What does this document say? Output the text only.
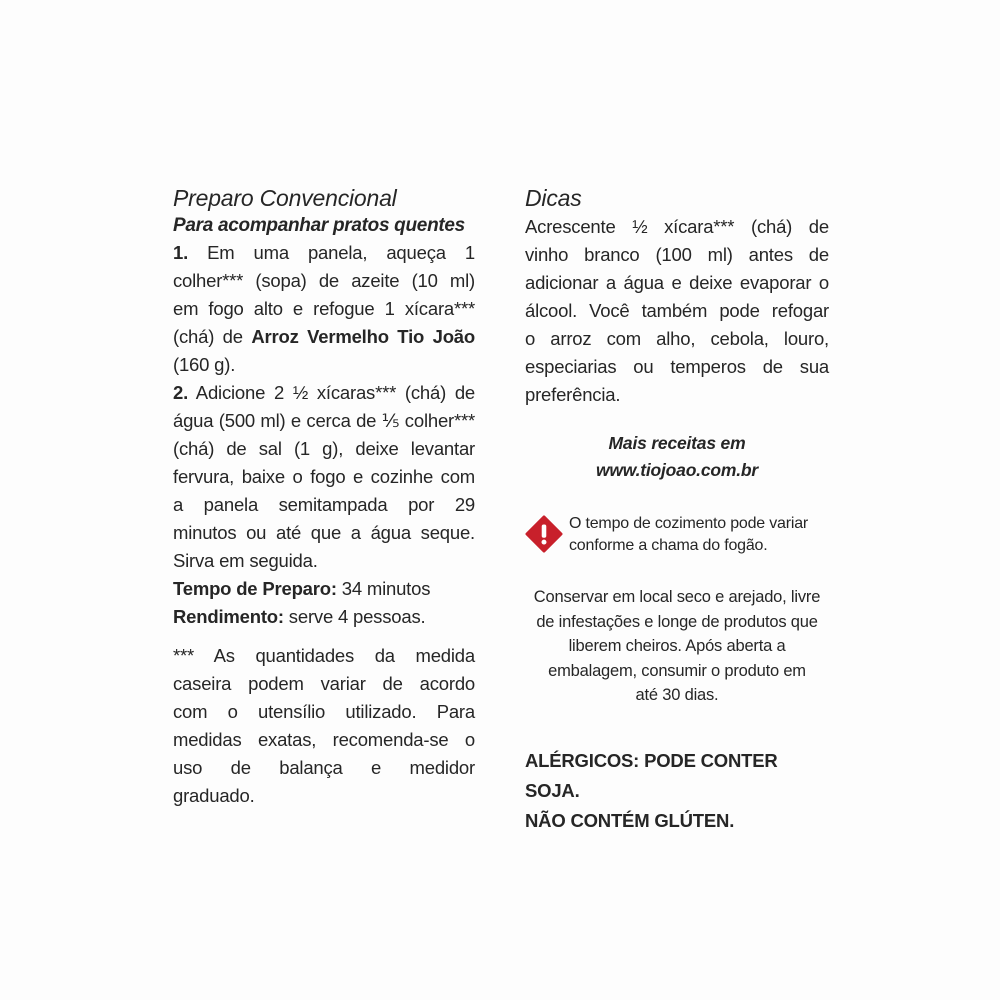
Preparo Convencional
Para acompanhar pratos quentes
1. Em uma panela, aqueça 1
colher*** (sopa) de azeite (10 ml)
em fogo alto e refogue 1 xícara***
(chá) de Arroz Vermelho Tio João
(160 g).
2. Adicione 2 ½ xícaras*** (chá) de
água (500 ml) e cerca de ⅕ colher***
(chá) de sal (1 g), deixe levantar
fervura, baixe o fogo e cozinhe com
a panela semitampada por 29
minutos ou até que a água seque.
Sirva em seguida.
Tempo de Preparo: 34 minutos
Rendimento: serve 4 pessoas.
*** As quantidades da medida
caseira podem variar de acordo
com o utensílio utilizado. Para
medidas exatas, recomenda-se o
uso de balança e medidor
graduado.
Dicas
Acrescente ½ xícara*** (chá) de
vinho branco (100 ml) antes de
adicionar a água e deixe evaporar o
álcool. Você também pode refogar
o arroz com alho, cebola, louro,
especiarias ou temperos de sua
preferência.
Mais receitas em
www.tiojoao.com.br
O tempo de cozimento pode variar
conforme a chama do fogão.
Conservar em local seco e arejado, livre
de infestações e longe de produtos que
liberem cheiros. Após aberta a
embalagem, consumir o produto em
até 30 dias.
ALÉRGICOS: PODE CONTER SOJA.
NÃO CONTÉM GLÚTEN.
